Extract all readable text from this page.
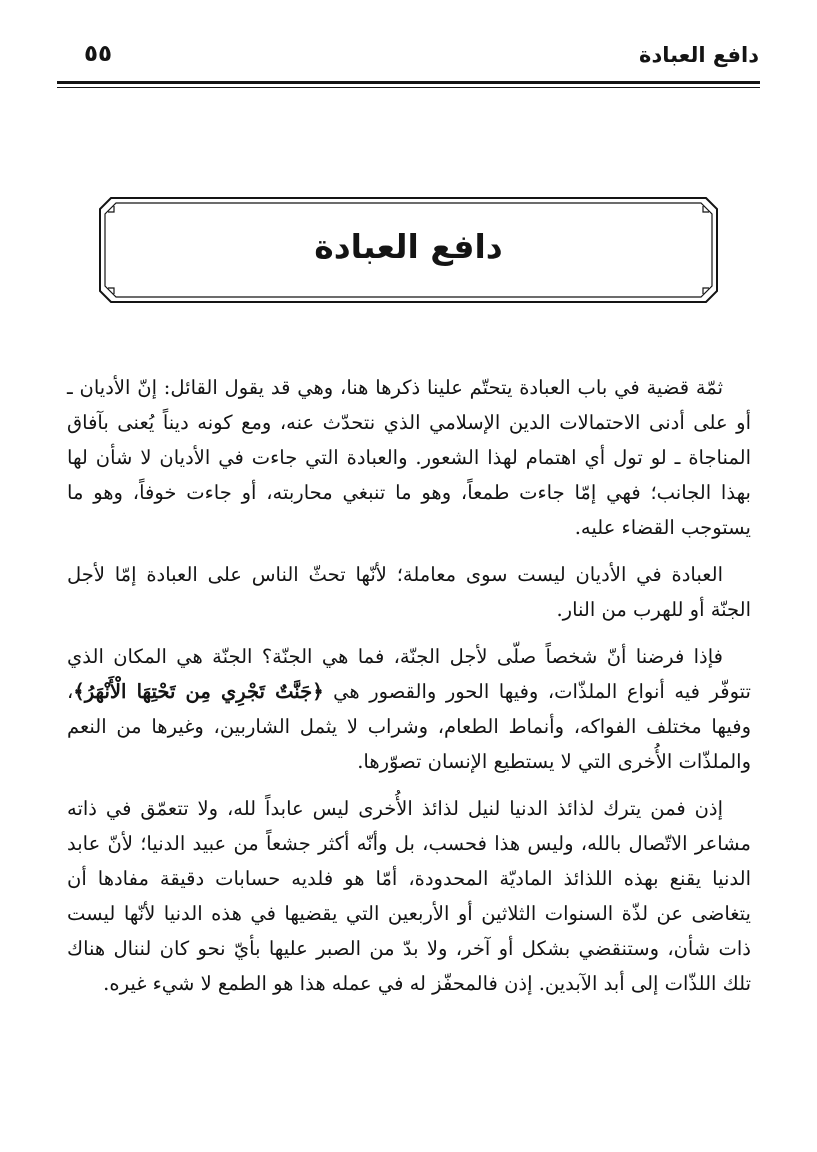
دافع العبادة
٥٥
دافع العبادة

ثمّة قضية في باب العبادة يتحتّم علينا ذكرها هنا، وهي قد يقول القائل: إنّ الأديان ـ أو على أدنى الاحتمالات الدين الإسلامي الذي نتحدّث عنه، ومع كونه ديناً يُعنى بآفاق المناجاة ـ لو تول أي اهتمام لهذا الشعور. والعبادة التي جاءت في الأديان لا شأن لها بهذا الجانب؛ فهي إمّا جاءت طمعاً، وهو ما تنبغي محاربته، أو جاءت خوفاً، وهو ما يستوجب القضاء عليه.

العبادة في الأديان ليست سوى معاملة؛ لأنّها تحثّ الناس على العبادة إمّا لأجل الجنّة أو للهرب من النار.

فإذا فرضنا أنّ شخصاً صلّى لأجل الجنّة، فما هي الجنّة؟ الجنّة هي المكان الذي تتوفّر فيه أنواع الملذّات، وفيها الحور والقصور هي ﴿جَنَّتٌ تَجْرِي مِن تَحْتِهَا الْأَنْهَرُ﴾، وفيها مختلف الفواكه، وأنماط الطعام، وشراب لا يثمل الشاربين، وغيرها من النعم والملذّات الأُخرى التي لا يستطيع الإنسان تصوّرها.

إذن فمن يترك لذائذ الدنيا لنيل لذائذ الأُخرى ليس عابداً لله، ولا تتعمّق في ذاته مشاعر الاتّصال بالله، وليس هذا فحسب، بل وأنّه أكثر جشعاً من عبيد الدنيا؛ لأنّ عابد الدنيا يقنع بهذه اللذائذ الماديّة المحدودة، أمّا هو فلديه حسابات دقيقة مفادها أن يتغاضى عن لذّة السنوات الثلاثين أو الأربعين التي يقضيها في هذه الدنيا لأنّها ليست ذات شأن، وستنقضي بشكل أو آخر، ولا بدّ من الصبر عليها بأيّ نحو كان لننال هناك تلك اللذّات إلى أبد الآبدين. إذن فالمحفّز له في عمله هذا هو الطمع لا شيء غيره.
